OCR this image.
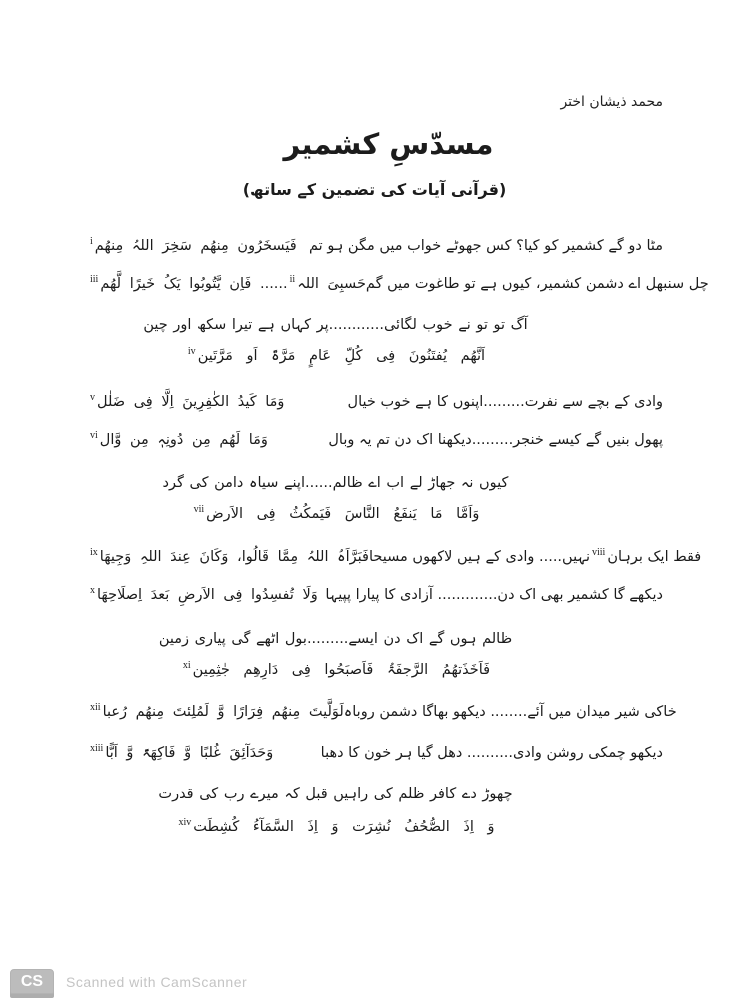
محمد ذیشان اختر
مسدّسِ کشمیر
(قرآنی آیات کی تضمین کے ساتھ)
فَیَسخَرُون مِنھُم سَخِرَ اللہُ مِنھُم$^i$	مٹا دو گے کشمیر کو کیا؟ کس جھوٹے خواب میں مگن ہو تم
حَسبِیَ اللہ$^{ii}$...... فَاِن یَّتُوبُوا یَکُ خَیرًا لَّھُم$^{iii}$	چل سنبھل اے دشمن کشمیر، کیوں ہے تو طاغوت میں گم
آگ تو تو نے خوب لگائی............پر کہاں ہے تیرا سکھ اور چین
اَنَّھُم یُفتَنُونَ فِی کُلِّ عَامٍ مَرَّۃً اَو مَرَّتَین$^{iv}$
وَمَا کَیدُ الکٰفِرِینَ اِلَّا فِی ضَلٰل$^v$	وادی کے بچے سے نفرت.........اپنوں کا ہے خوب خیال
وَمَا لَھُم مِن دُونِہٖ مِن وَّال$^{vi}$	پھول بنیں گے کیسے خنجر.........دیکھنا اک دن تم یہ وبال
کیوں نہ جھاڑ لے اب اے ظالم......اپنے سیاہ دامن کی گرد
وَاَمَّا مَا یَنفَعُ النَّاسَ فَیَمکُثُ فِی الاَرض$^{vii}$
فَبَرَّاَہُ اللہُ مِمَّا قَالُوا، وَکَانَ عِندَ اللہِ وَجِیھَا$^{ix}$	فقط ایک برہان$^{viii}$نہیں..... وادی کے ہیں لاکھوں مسیحا
وَلَا تُفسِدُوا فِی الاَرضِ بَعدَ اِصلَاحِھَا$^x$	دیکھے گا کشمیر بھی اک دن............. آزادی کا پیارا پپیہا
ظالم ہوں گے اک دن ایسے.........بول اٹھے گی پیاری زمین
فَاَخَذَتھُمُ الرَّجفَۃُ فَاَصبَحُوا فِی دَارِھِم جٰثِمِین$^{xi}$
لَوَلَّیتَ مِنھُم فِرَارًا وَّ لَمُلِئتَ مِنھُم رُعبا$^{xii}$	خاکی شیر میدان میں آئے........ دیکھو بھاگا دشمن روباہ
وَحَدَآئِقَ غُلبًا وَّ فَاکِھَۃً وَّ اَبًّا$^{xiii}$	دیکھو چمکی روشن وادی.......... دھل گیا ہر خون کا دھبا
چھوڑ دے کافر ظلم کی راہیں قبل کہ میرے رب کی قدرت
وَ اِذَ الصُّحُفُ نُشِرَت وَ اِذَ السَّمَآءُ کُشِطَت$^{xiv}$
CS	Scanned with CamScanner
